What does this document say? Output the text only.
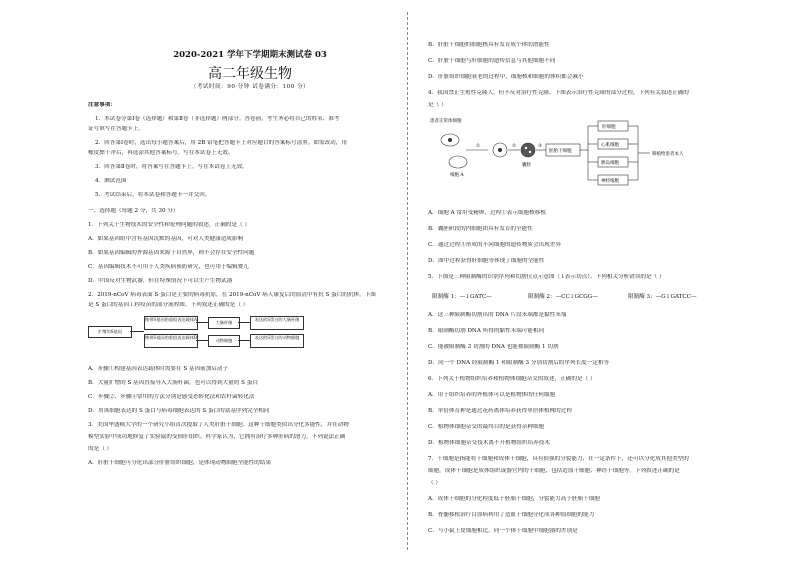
2020-2021 学年下学期期末测试卷 03
高二年级生物
（考试时间：90 分钟 试卷满分：100 分）
注意事项：
1．本试卷分第Ⅰ卷（选择题）和第Ⅱ卷（非选择题）两部分。答卷前，考生务必将自己的姓名、准考
证号填写在答题卡上。
2．回答第Ⅰ卷时，选出每小题答案后，用 2B 铅笔把答题卡上对应题目的答案标号涂黑。如需改动，用
橡皮擦干净后，再选涂其他答案标号。写在本试卷上无效。
3．回答第Ⅱ卷时，将答案写在答题卡上。写在本试卷上无效。
4．测试范围
5．考试结束后，将本试卷和答题卡一并交回。
一、选择题（每题 2 分，共 30 分）
1．下列关于生物技术的安全性和伦理问题的叙述，正确的是（ ）
A．如果基因组中含有基因沉默的基因，可对人类健康造成影响
B．如果基因编辑的外源基因来源于自然界，则不会存在安全性问题
C．基因编辑技术不可用于人类疾病预防研究，也可用于编辑婴儿
D．中国反对生物武器，但在特殊情况下可以生产生物武器
2．2019-nCoV 病毒表面 S 蛋白是主要的病毒抗原，在 2019-nCoV 病人康复后的血清中有抗 S 蛋白的抗体。下图
是 S 蛋白的基因工程疫苗的部分流程图。下列叙述正确的是（ ）
扩增的S基因
携带S基因的重组表达载体A
携带S基因的重组表达载体B
大肠杆菌
动物细胞
表达的S蛋白的大肠杆菌
表达的S蛋白的动物细胞
A．步骤①构建基因表达载体时需要在 S 基因前加启动子
B．大量扩增的 S 基因直接导入大肠杆菌，也可以得到大量的 S 蛋白
C．步骤②、步骤④常用的方法分别是感受态转化法和农杆菌转化法
D．用该细胞表达的 S 蛋白与病毒细胞表达的 S 蛋白的氨基序列完全相同
3．美国华盛顿大学的一个研究小组首次提取了人类肝脏干细胞。这种干细胞类似出分化多能性，并在动物
模型实验中成功地修复了实验鼠的受损肝组织。科学家认为，它拥有治疗多种肝病的潜力。下列说法正确
的是（ ）
A．肝脏干细胞可分化出部分肝脏组织细胞，是体现动物细胞全能性的结果
B．肝脏干细胞的细胞核具有发育成个体的潜能性
C．肝脏干细胞与肝细胞的遗传信息与其他细胞不同
D．肝脏组织细胞衰老的过程中，细胞核和细胞的体积都会减小
4．我国禁止生殖性克隆人，但不反对治疗性克隆。下图表示治疗性克隆的部分过程，下列有关叙述正确的
是（ ）
患者正常体细胞
细胞 A
囊胚
胚胎干细胞
肝细胞
心肌细胞
胰岛细胞
神经细胞
移植给患者本人
①	②	③
A．细胞 A 常用受精卵，过程①表示细胞核移植
B．囊胚阶段的内细胞团具有发育的全能性
C．通过过程③形成的不同细胞的遗传物质会出现差异
D．图中过程获得肝细胞等体现了细胞的全能性
5．下图是三种限制酶的识别序列和切割位点示意图（↓表示切点）。下列相关分析错误的是（ ）
限制酶 1：—↓GATC—	限制酶 2：—CC↓GCGG—	限制酶 3：—G↓GATCC—
A．这三种限制酶切割出的 DNA 片段末端都是黏性末端
B．限制酶切割 DNA 所得的黏性末端可能相同
C．能被限制酶 3 切割的 DNA 也能被限制酶 1 切割
D．同一个 DNA 经限制酶 1 和限制酶 3 分别切割后的序列长度一定相等
6．下列关于植物组织培养和植物体细胞杂交的叙述，正确的是（ ）
A．用于组织培养的外植体可以是植物体的任何细胞
B．单倍体育种是通过花药离体培养获得单倍体植株的过程
C．植物体细胞杂交的最终目的是获得杂种细胞
D．植物体细胞杂交技术离不开植物组织培养技术
7．干细胞是指能将干细胞和成体干细胞，具有很强的分裂能力，在一定条件下，还可以分化成其他类型的
细胞。成体干细胞是成体组织或器官内的干细胞，包括造血干细胞、神经干细胞等。下列叙述正确的是
（ ）
A．成体干细胞的分化程度低于胚胎干细胞，分裂能力高于胚胎干细胞
B．骨髓移植治疗白血病利用了造血干细胞分化成各种血细胞的能力
C．与小鼠上皮细胞相比，同一个体干细胞中细胞器的差别是
